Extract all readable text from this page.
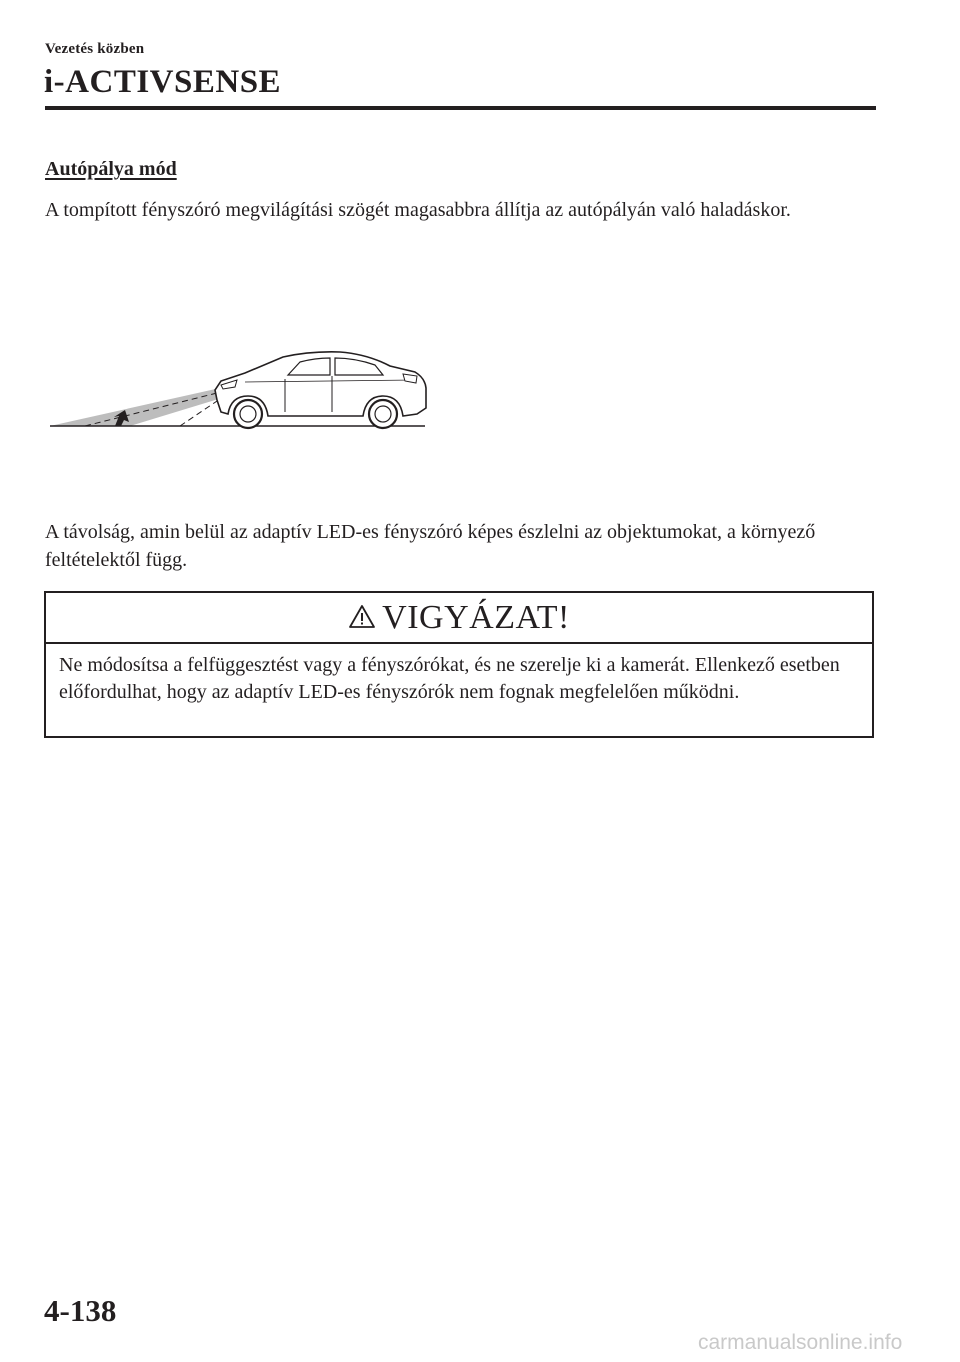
Vezetés közben
i-ACTIVSENSE
Autópálya mód
A tompított fényszóró megvilágítási szögét magasabbra állítja az autópályán való haladáskor.
A távolság, amin belül az adaptív LED-es fényszóró képes észlelni az objektumokat, a környező feltételektől függ.
VIGYÁZAT!
Ne módosítsa a felfüggesztést vagy a fényszórókat, és ne szerelje ki a kamerát. Ellenkező esetben előfordulhat, hogy az adaptív LED-es fényszórók nem fognak megfelelően működni.
4-138
carmanualsonline.info
